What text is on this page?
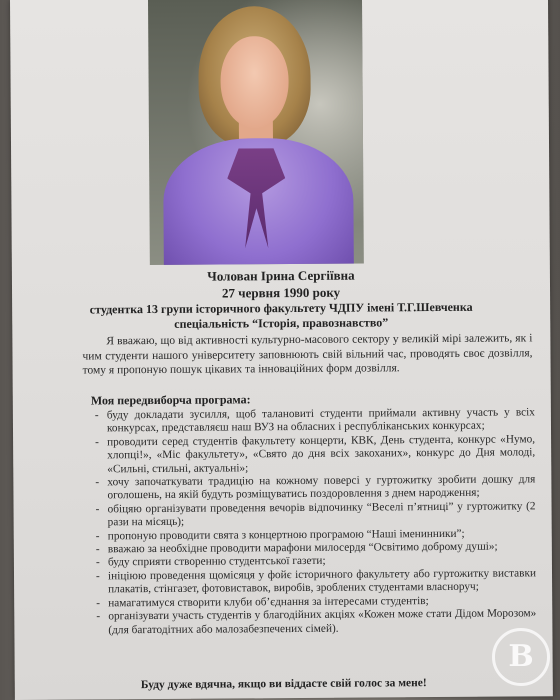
Чолован Ірина Сергіївна
27 червня 1990 року
студентка 13 групи історичного факультету ЧДПУ імені Т.Г.Шевченка
спеціальність “Історія, правознавство”
Я вважаю, що від активності культурно-масового сектору у великій мірі залежить, як і чим студенти нашого університету заповнюють свій вільний час, проводять своє дозвілля, тому я пропоную пошук цікавих та інноваційних форм дозвілля.
Моя передвиборча програма:
- буду докладати зусилля, щоб талановиті студенти приймали активну участь у всіх конкурсах, представляєш наш ВУЗ на обласних і республіканських конкурсах;
- проводити серед студентів факультету концерти, КВК, День студента, конкурс «Нумо, хлопці!», «Міс факультету», «Свято до дня всіх закоханих», конкурс до Дня молоді, «Сильні, стильні, актуальні»;
- хочу започаткувати традицію на кожному поверсі у гуртожитку зробити дошку для оголошень, на якій будуть розміщуватись поздоровлення з днем народження;
- обіцяю організувати проведення вечорів відпочинку “Веселі п’ятниці” у гуртожитку (2 рази на місяць);
- пропоную проводити свята з концертною програмою “Наші іменинники”;
- вважаю за необхідне проводити марафони милосердя “Освітимо доброму душі»;
- буду сприяти створенню студентської газети;
- ініціюю проведення щомісяця у фойє історичного факультету або гуртожитку виставки плакатів, стінгазет, фотовиставок, виробів, зроблених студентами власноруч;
- намагатимуся створити клуби об’єднання за інтересами студентів;
- організувати участь студентів у благодійних акціях «Кожен може стати Дідом Морозом» (для багатодітних або малозабезпечених сімей).
Буду дуже вдячна, якщо ви віддасте свій голос за мене!
В
